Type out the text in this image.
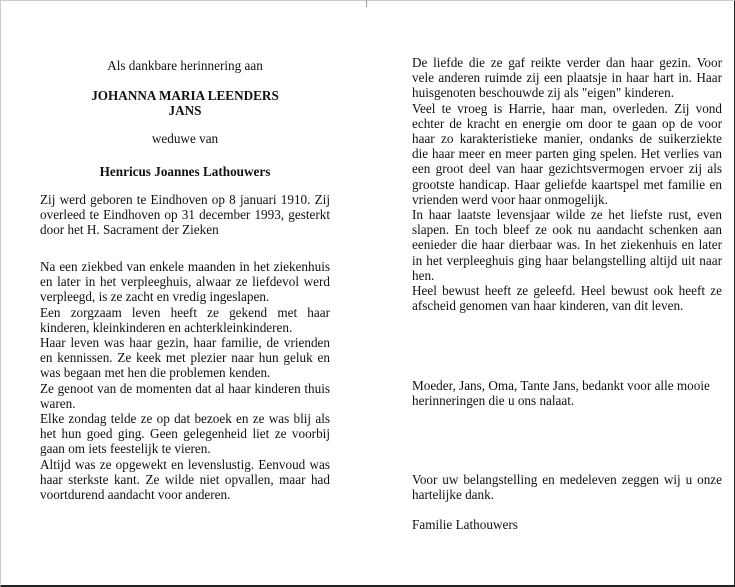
Als dankbare herinnering aan

JOHANNA MARIA LEENDERS

JANS

weduwe van

Henricus Joannes Lathouwers

Zij werd geboren te Eindhoven op 8 januari 1910. Zij overleed te Eindhoven op 31 december 1993, gesterkt door het H. Sacrament der Zieken

Na een ziekbed van enkele maanden in het ziekenhuis en later in het verpleeghuis, alwaar ze liefdevol werd verpleegd, is ze zacht en vredig ingeslapen.

Een zorgzaam leven heeft ze gekend met haar kinderen, kleinkinderen en achterkleinkinderen.

Haar leven was haar gezin, haar familie, de vrienden en kennissen. Ze keek met plezier naar hun geluk en was begaan met hen die problemen kenden.

Ze genoot van de momenten dat al haar kinderen thuis waren.

Elke zondag telde ze op dat bezoek en ze was blij als het hun goed ging. Geen gelegenheid liet ze voorbij gaan om iets feestelijk te vieren.

Altijd was ze opgewekt en levenslustig. Eenvoud was haar sterkste kant. Ze wilde niet opvallen, maar had voortdurend aandacht voor anderen.

De liefde die ze gaf reikte verder dan haar gezin. Voor vele anderen ruimde zij een plaatsje in haar hart in. Haar huisgenoten beschouwde zij als "eigen" kinderen.

Veel te vroeg is Harrie, haar man, overleden. Zij vond echter de kracht en energie om door te gaan op de voor haar zo karakteristieke manier, ondanks de suikerziekte die haar meer en meer parten ging spelen. Het verlies van een groot deel van haar gezichtsvermogen ervoer zij als grootste handicap. Haar geliefde kaartspel met familie en vrienden werd voor haar onmogelijk.

In haar laatste levensjaar wilde ze het liefste rust, even slapen. En toch bleef ze ook nu aandacht schenken aan eenieder die haar dierbaar was. In het ziekenhuis en later in het verpleeghuis ging haar belangstelling altijd uit naar hen.

Heel bewust heeft ze geleefd. Heel bewust ook heeft ze afscheid genomen van haar kinderen, van dit leven.

Moeder, Jans, Oma, Tante Jans, bedankt voor alle mooie herinneringen die u ons nalaat.

Voor uw belangstelling en medeleven zeggen wij u onze hartelijke dank.

Familie Lathouwers
